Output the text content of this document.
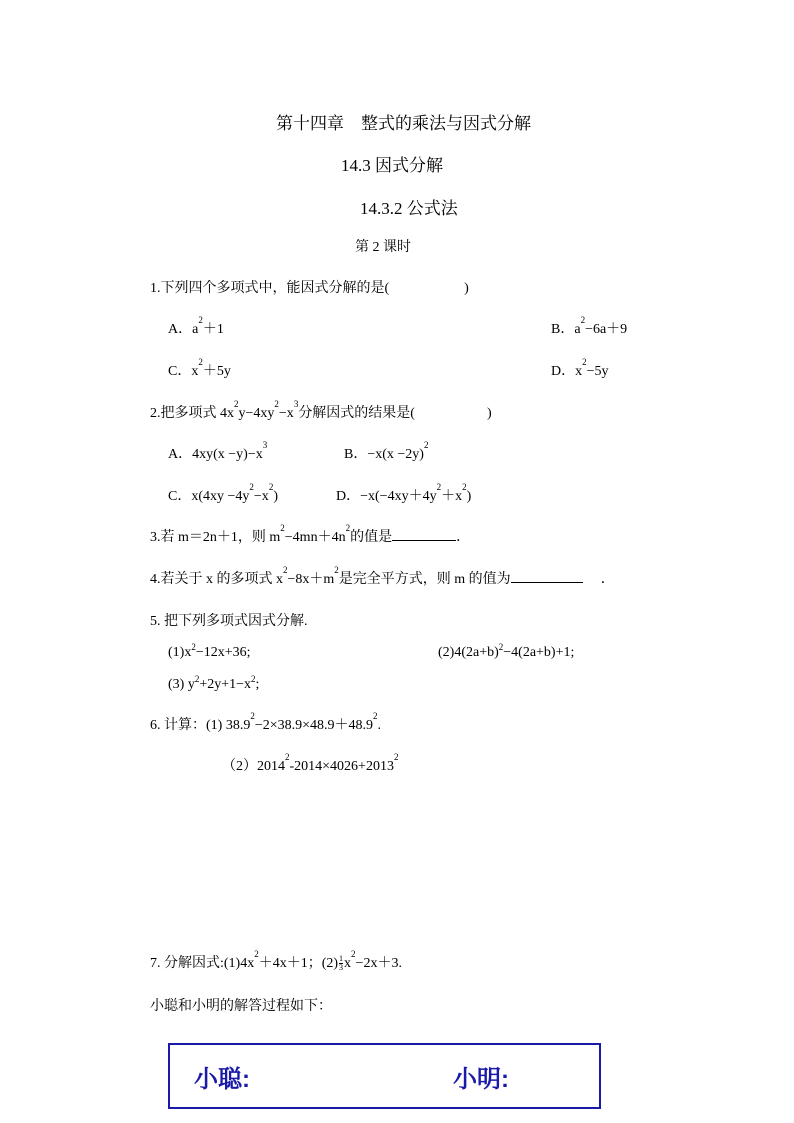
第十四章　整式的乘法与因式分解
14.3 因式分解
14.3.2 公式法
第 2 课时
1.下列四个多项式中，能因式分解的是(	)
A．$a^2+1$	B．$a^2-6a+9$
C．$x^2+5y$	D．$x^2-5y$
2.把多项式 $4x^2y-4xy^2-x^3$分解因式的结果是(	)
A．$4xy(x -y)-x^3$
B．$-x(x -2y)^2$
C．$x(4xy -4y^2-x^2)$	D．$-x(-4xy+4y^2+x^2)$
3.若 m＝2n＋1，则 $m^2-4mn+4n^2$的值是	．
4.若关于 x 的多项式 $x^2-8x+m^2$是完全平方式，则 m 的值为	．
5. 把下列多项式因式分解.
$(1)x^2-12x+36$;	$(2)4(2a+b)^2-4(2a+b)+1$;
(3) $y^2+2y+1-x^2$;
6. 计算：(1) $38.9^2-2\times 38.9\times 48.9+48.9^2$.
$(2)2014^2-2014\times 4026+2013^2$
7. 分解因式$:(1)4x^2+4x+1$；$(2) \frac{1}{3} x^2-2x+3$.
小聪和小明的解答过程如下：
小聪:	小明:
